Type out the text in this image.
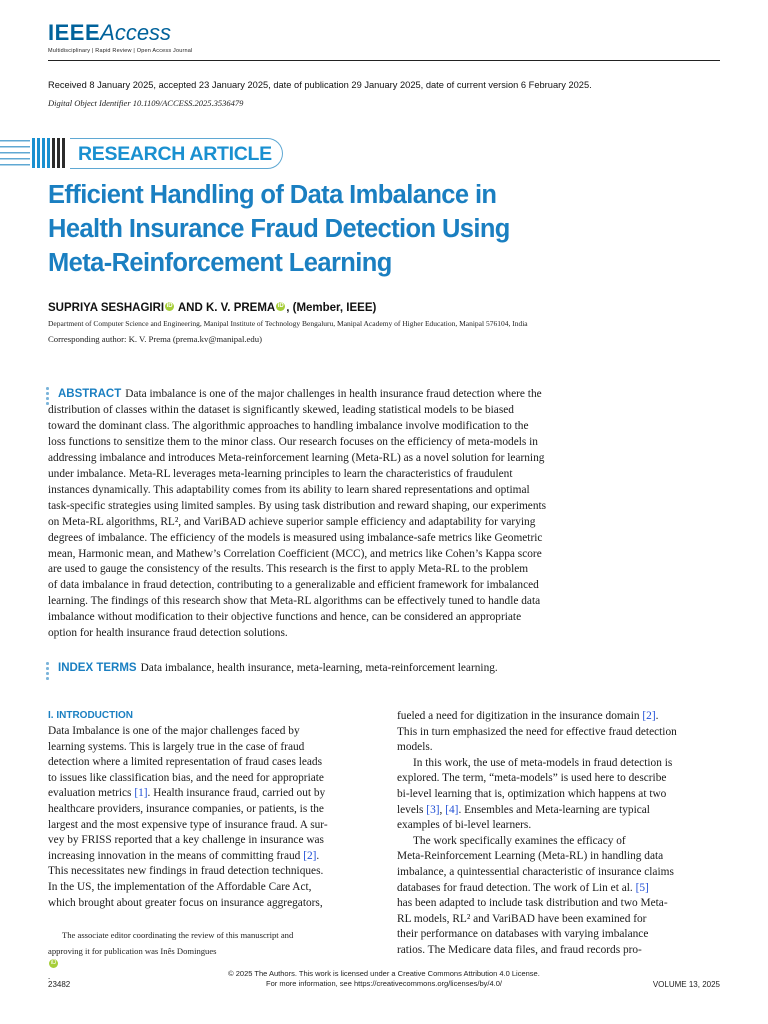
IEEEAccess
Multidisciplinary | Rapid Review | Open Access Journal
Received 8 January 2025, accepted 23 January 2025, date of publication 29 January 2025, date of current version 6 February 2025.
Digital Object Identifier 10.1109/ACCESS.2025.3536479
RESEARCH ARTICLE
Efficient Handling of Data Imbalance in
Health Insurance Fraud Detection Using
Meta-Reinforcement Learning
SUPRIYA SESHAGIRI iD AND K. V. PREMA iD , (Member, IEEE)
Department of Computer Science and Engineering, Manipal Institute of Technology Bengaluru, Manipal Academy of Higher Education, Manipal 576104, India
Corresponding author: K. V. Prema (prema.kv@manipal.edu)
ABSTRACT Data imbalance is one of the major challenges in health insurance fraud detection where the
distribution of classes within the dataset is significantly skewed, leading statistical models to be biased
toward the dominant class. The algorithmic approaches to handling imbalance involve modification to the
loss functions to sensitize them to the minor class. Our research focuses on the efficiency of meta-models in
addressing imbalance and introduces Meta-reinforcement learning (Meta-RL) as a novel solution for learning
under imbalance. Meta-RL leverages meta-learning principles to learn the characteristics of fraudulent
instances dynamically. This adaptability comes from its ability to learn shared representations and optimal
task-specific strategies using limited samples. By using task distribution and reward shaping, our experiments
on Meta-RL algorithms, RL², and VariBAD achieve superior sample efficiency and adaptability for varying
degrees of imbalance. The efficiency of the models is measured using imbalance-safe metrics like Geometric
mean, Harmonic mean, and Mathew’s Correlation Coefficient (MCC), and metrics like Cohen’s Kappa score
are used to gauge the consistency of the results. This research is the first to apply Meta-RL to the problem
of data imbalance in fraud detection, contributing to a generalizable and efficient framework for imbalanced
learning. The findings of this research show that Meta-RL algorithms can be effectively tuned to handle data
imbalance without modification to their objective functions and hence, can be considered an appropriate
option for health insurance fraud detection solutions.
INDEX TERMS Data imbalance, health insurance, meta-learning, meta-reinforcement learning.
I. INTRODUCTION
Data Imbalance is one of the major challenges faced by
learning systems. This is largely true in the case of fraud
detection where a limited representation of fraud cases leads
to issues like classification bias, and the need for appropriate
evaluation metrics [1]. Health insurance fraud, carried out by
healthcare providers, insurance companies, or patients, is the
largest and the most expensive type of insurance fraud. A sur-
vey by FRISS reported that a key challenge in insurance was
increasing innovation in the means of committing fraud [2].
This necessitates new findings in fraud detection techniques.
In the US, the implementation of the Affordable Care Act,
which brought about greater focus on insurance aggregators,
The associate editor coordinating the review of this manuscript and
approving it for publication was Inês Domingues
iD
.
fueled a need for digitization in the insurance domain [2].
This in turn emphasized the need for effective fraud detection
models.
In this work, the use of meta-models in fraud detection is
explored. The term, “meta-models” is used here to describe
bi-level learning that is, optimization which happens at two
levels [3], [4]. Ensembles and Meta-learning are typical
examples of bi-level learners.
The work specifically examines the efficacy of
Meta-Reinforcement Learning (Meta-RL) in handling data
imbalance, a quintessential characteristic of insurance claims
databases for fraud detection. The work of Lin et al. [5]
has been adapted to include task distribution and two Meta-
RL models, RL² and VariBAD have been examined for
their performance on databases with varying imbalance
ratios. The Medicare data files, and fraud records pro-
© 2025 The Authors. This work is licensed under a Creative Commons Attribution 4.0 License.
For more information, see https://creativecommons.org/licenses/by/4.0/
23482	VOLUME 13, 2025
